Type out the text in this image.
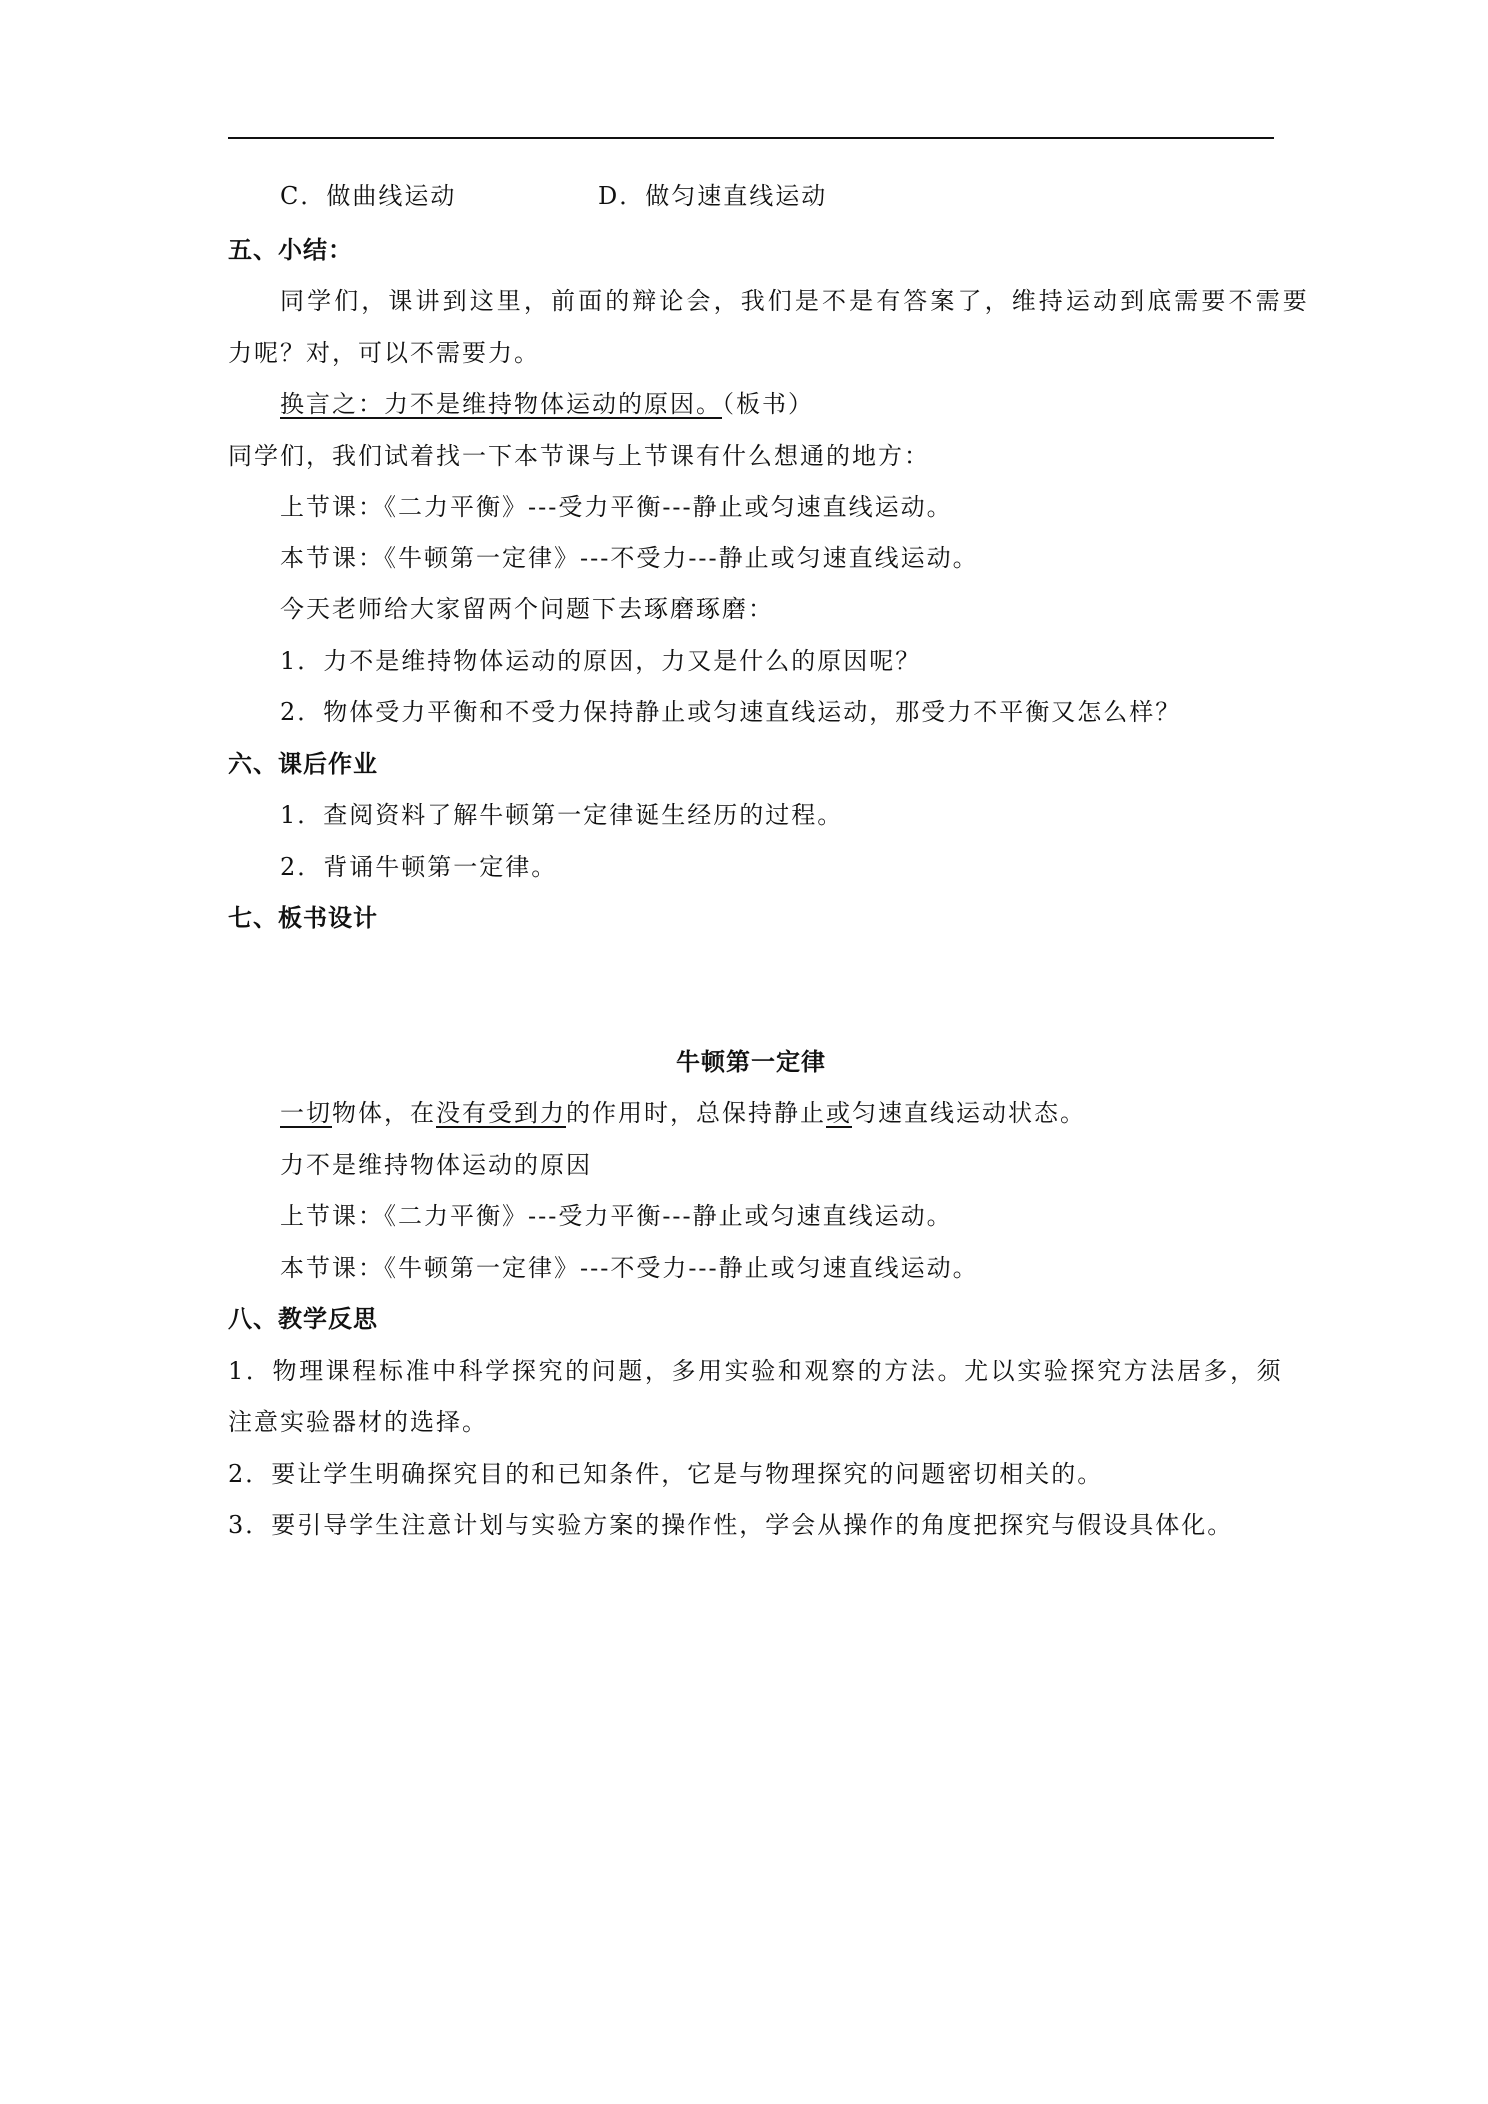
C．做曲线运动	D．做匀速直线运动
五、小结：
同学们，课讲到这里，前面的辩论会，我们是不是有答案了，维持运动到底需要不需要
力呢？对，可以不需要力。
换言之：力不是维持物体运动的原因。（板书）
同学们，我们试着找一下本节课与上节课有什么想通的地方：
上节课：《二力平衡》---受力平衡---静止或匀速直线运动。
本节课：《牛顿第一定律》---不受力---静止或匀速直线运动。
今天老师给大家留两个问题下去琢磨琢磨：
1．力不是维持物体运动的原因，力又是什么的原因呢？
2．物体受力平衡和不受力保持静止或匀速直线运动，那受力不平衡又怎么样？
六、课后作业
1．查阅资料了解牛顿第一定律诞生经历的过程。
2．背诵牛顿第一定律。
七、板书设计
牛顿第一定律
一切物体，在没有受到力的作用时，总保持静止或匀速直线运动状态。
力不是维持物体运动的原因
上节课：《二力平衡》---受力平衡---静止或匀速直线运动。
本节课：《牛顿第一定律》---不受力---静止或匀速直线运动。
八、教学反思
1．物理课程标准中科学探究的问题，多用实验和观察的方法。尤以实验探究方法居多，须
注意实验器材的选择。
2．要让学生明确探究目的和已知条件，它是与物理探究的问题密切相关的。
3．要引导学生注意计划与实验方案的操作性，学会从操作的角度把探究与假设具体化。
